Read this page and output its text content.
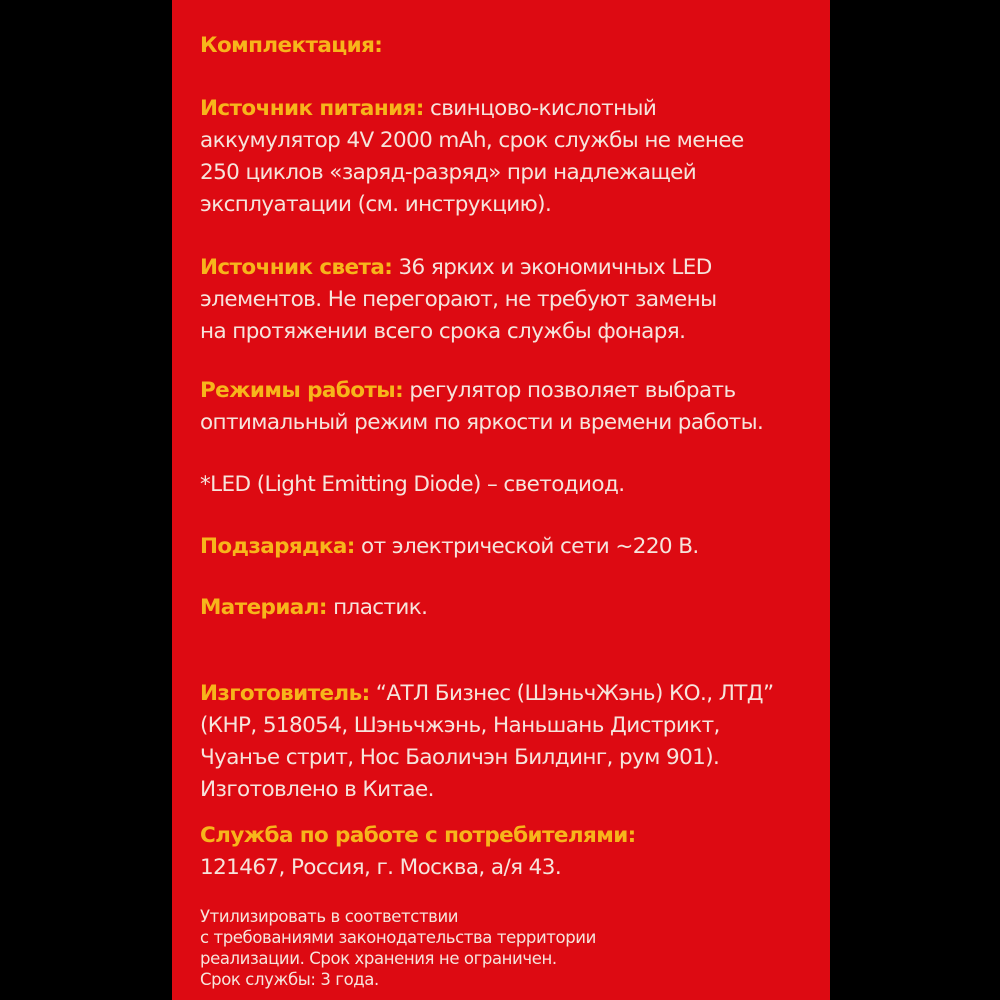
Комплектация:
Источник питания: свинцово-кислотный
аккумулятор 4V 2000 mAh, срок службы не менее
250 циклов «заряд-разряд» при надлежащей
эксплуатации (см. инструкцию).
Источник света: 36 ярких и экономичных LED
элементов. Не перегорают, не требуют замены
на протяжении всего срока службы фонаря.
Режимы работы: регулятор позволяет выбрать
оптимальный режим по яркости и времени работы.
*LED (Light Emitting Diode) – светодиод.
Подзарядка: от электрической сети ~220 В.
Материал: пластик.
Изготовитель: “АТЛ Бизнес (ШэньчЖэнь) КО., ЛТД”
(КНР, 518054, Шэньчжэнь, Наньшань Дистрикт,
Чуанъе стрит, Нос Баоличэн Билдинг, рум 901).
Изготовлено в Китае.
Служба по работе с потребителями:
121467, Россия, г. Москва, а/я 43.
Утилизировать в соответствии
с требованиями законодательства территории
реализации. Срок хранения не ограничен.
Срок службы: 3 года.
